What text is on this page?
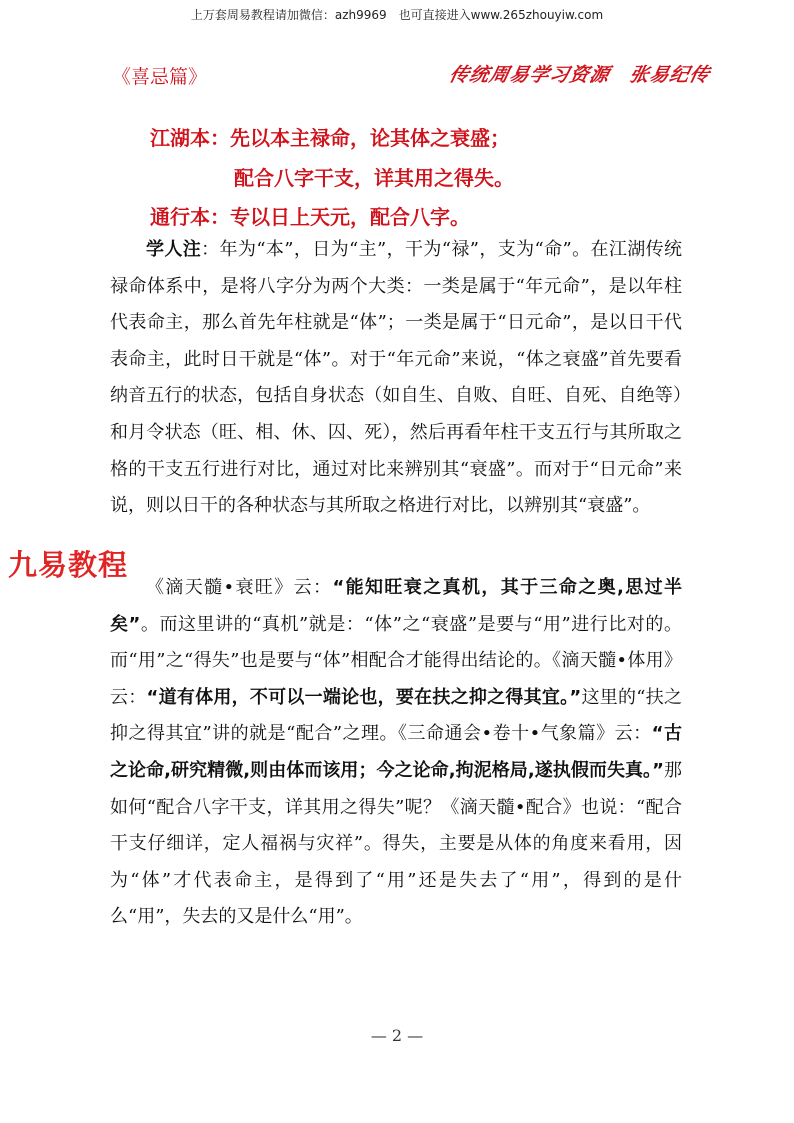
上万套周易教程请加微信：azh9969　也可直接进入www.265zhouyiw.com
《喜忌篇》	传统周易学习资源　张易纪传
江湖本：先以本主禄命，论其体之衰盛；
配合八字干支，详其用之得失。
通行本：专以日上天元，配合八字。
学人注：年为“本”，日为“主”，干为“禄”，支为“命”。在江湖传统禄命体系中，是将八字分为两个大类：一类是属于“年元命”，是以年柱代表命主，那么首先年柱就是“体”；一类是属于“日元命”，是以日干代表命主，此时日干就是“体”。对于“年元命”来说，“体之衰盛”首先要看纳音五行的状态，包括自身状态（如自生、自败、自旺、自死、自绝等）和月令状态（旺、相、休、囚、死），然后再看年柱干支五行与其所取之格的干支五行进行对比，通过对比来辨别其“衰盛”。而对于“日元命”来说，则以日干的各种状态与其所取之格进行对比，以辨别其“衰盛”。
《滴天髓•衰旺》云：“能知旺衰之真机，其于三命之奥,思过半矣”。而这里讲的“真机”就是：“体”之“衰盛”是要与“用”进行比对的。而“用”之“得失”也是要与“体”相配合才能得出结论的。《滴天髓•体用》云：“道有体用，不可以一端论也，要在扶之抑之得其宜。”这里的“扶之抑之得其宜”讲的就是“配合”之理。《三命通会•卷十•气象篇》云：“古之论命,研究精微,则由体而该用；今之论命,拘泥格局,遂执假而失真。”那如何“配合八字干支，详其用之得失”呢？《滴天髓•配合》也说：“配合干支仔细详，定人福祸与灾祥”。得失，主要是从体的角度来看用，因为“体”才代表命主，是得到了“用”还是失去了“用”，得到的是什么“用”，失去的又是什么“用”。
九易教程
— 2 —
